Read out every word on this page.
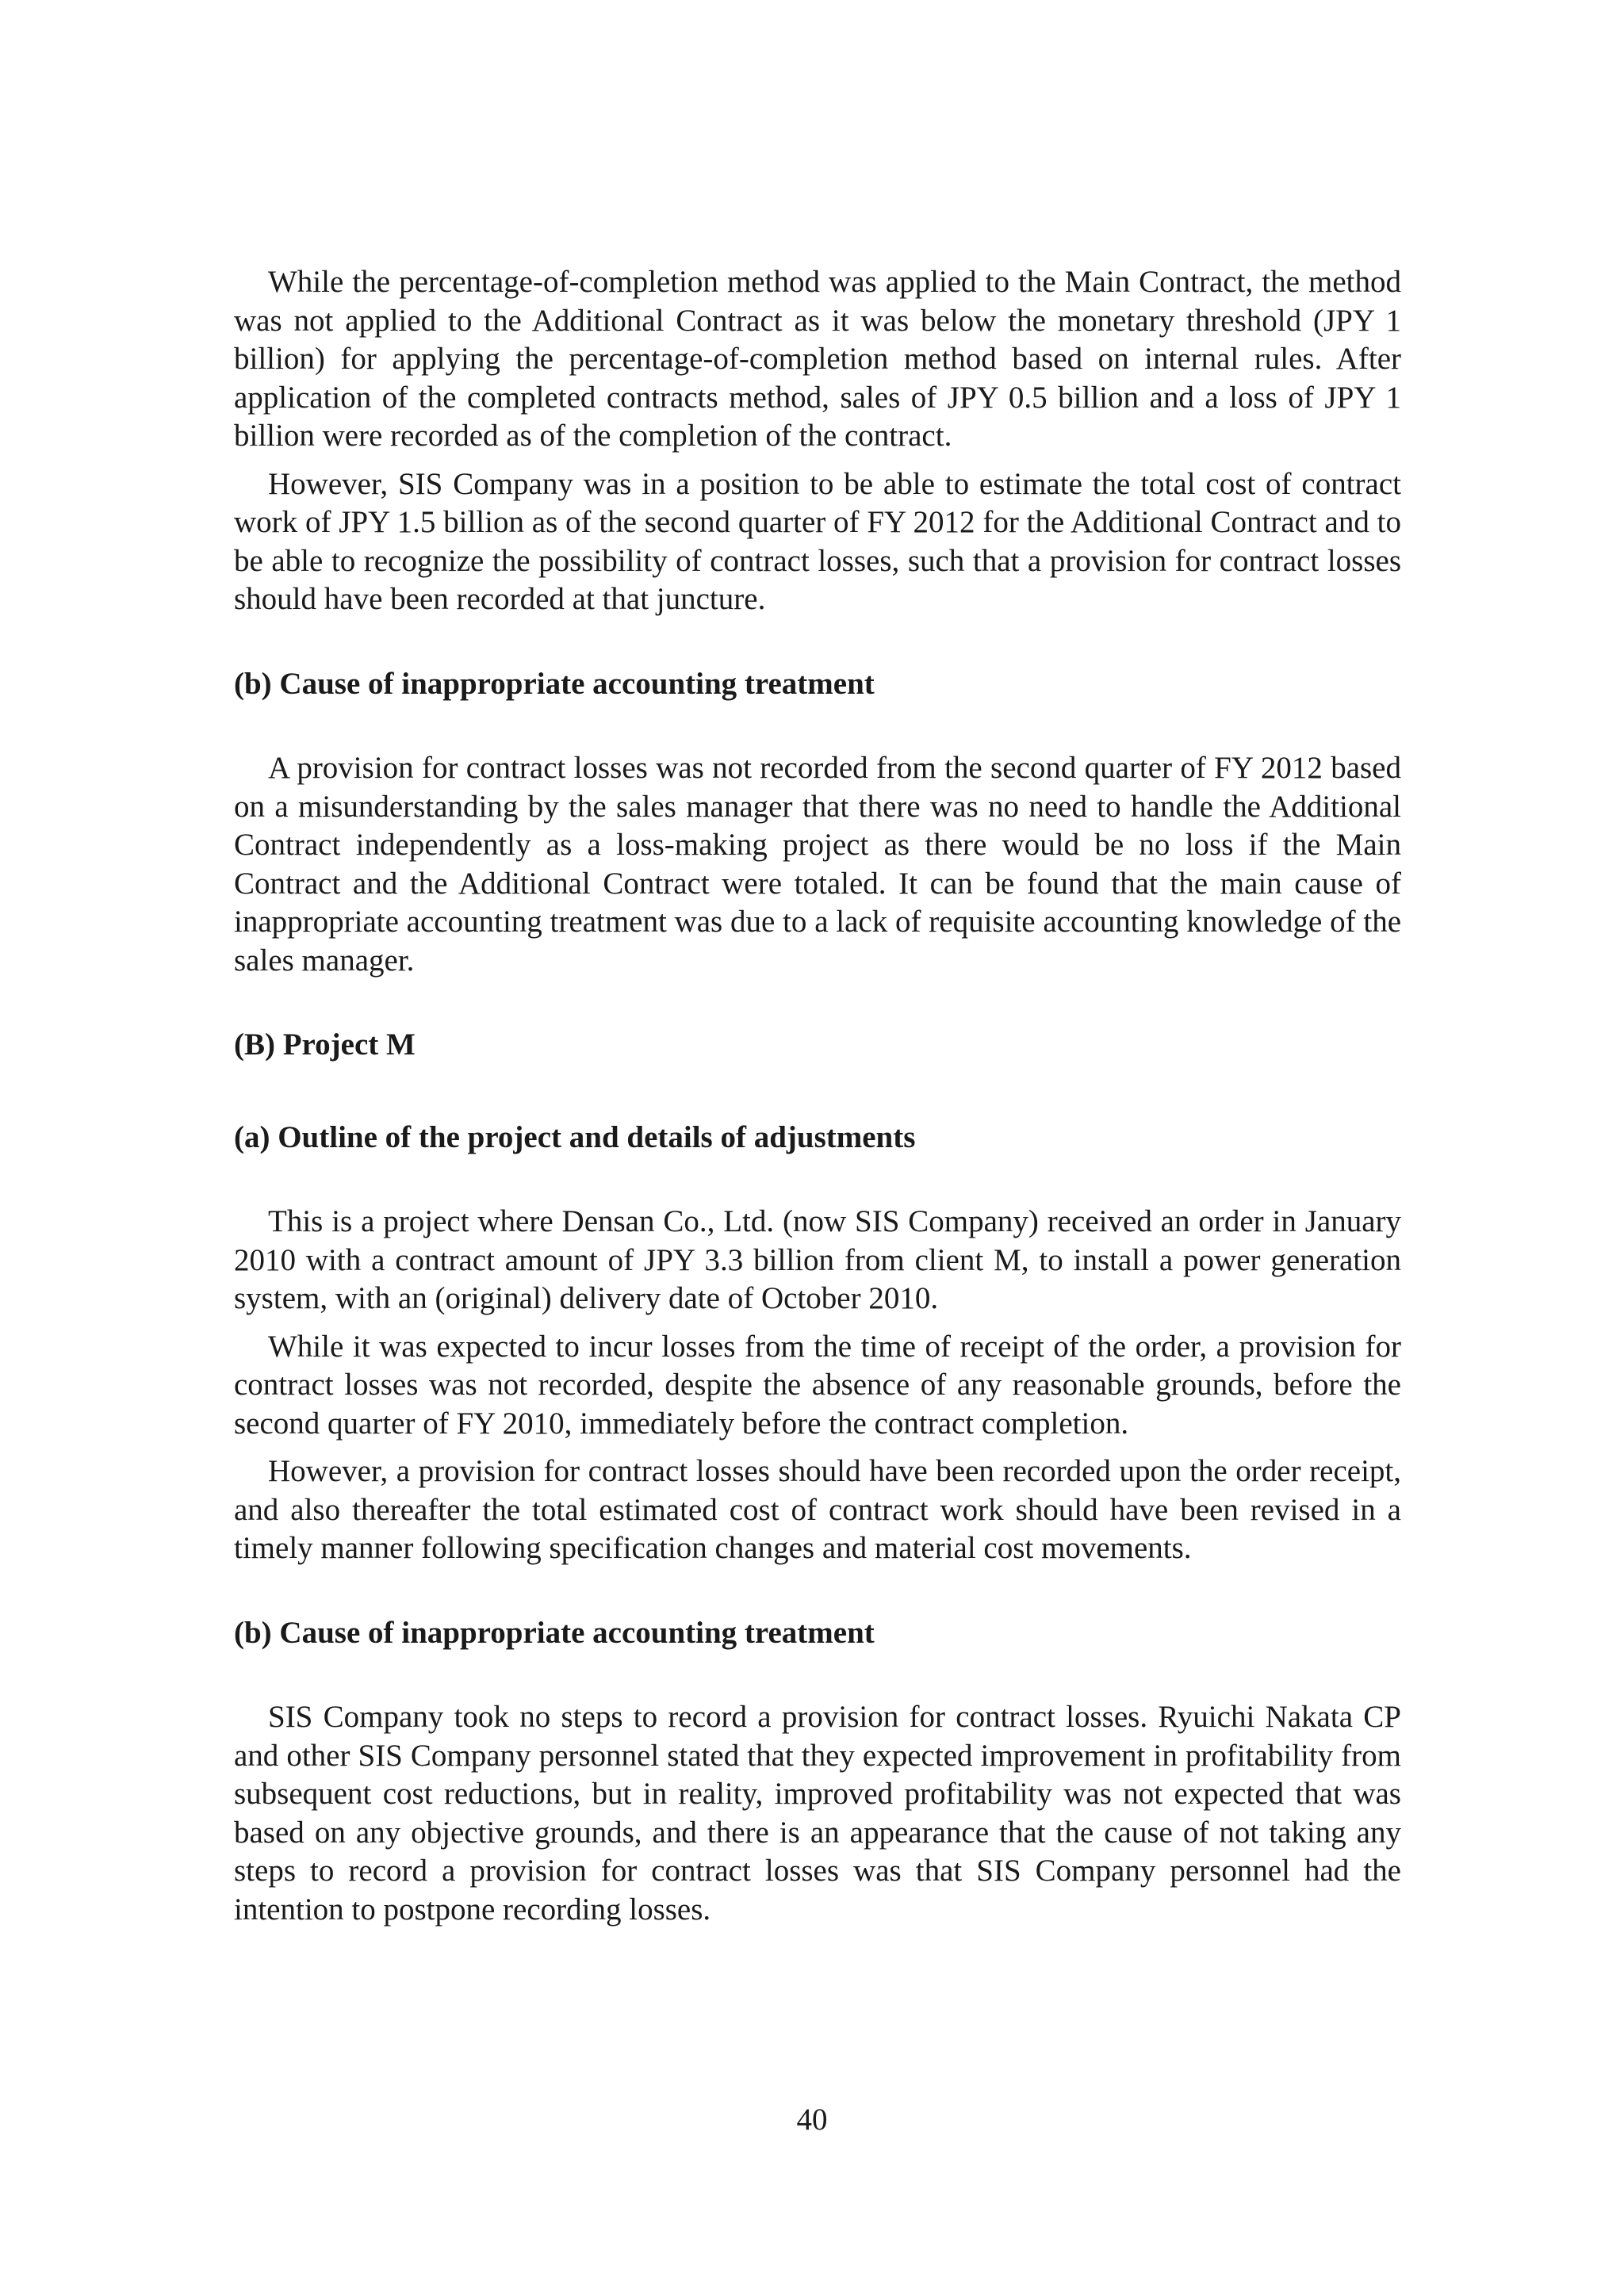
While the percentage-of-completion method was applied to the Main Contract, the method was not applied to the Additional Contract as it was below the monetary threshold (JPY 1 billion) for applying the percentage-of-completion method based on internal rules. After application of the completed contracts method, sales of JPY 0.5 billion and a loss of JPY 1 billion were recorded as of the completion of the contract.

However, SIS Company was in a position to be able to estimate the total cost of contract work of JPY 1.5 billion as of the second quarter of FY 2012 for the Additional Contract and to be able to recognize the possibility of contract losses, such that a provision for contract losses should have been recorded at that juncture.

(b) Cause of inappropriate accounting treatment

A provision for contract losses was not recorded from the second quarter of FY 2012 based on a misunderstanding by the sales manager that there was no need to handle the Additional Contract independently as a loss-making project as there would be no loss if the Main Contract and the Additional Contract were totaled. It can be found that the main cause of inappropriate accounting treatment was due to a lack of requisite accounting knowledge of the sales manager.

(B) Project M
(a) Outline of the project and details of adjustments

This is a project where Densan Co., Ltd. (now SIS Company) received an order in January 2010 with a contract amount of JPY 3.3 billion from client M, to install a power generation system, with an (original) delivery date of October 2010.

While it was expected to incur losses from the time of receipt of the order, a provision for contract losses was not recorded, despite the absence of any reasonable grounds, before the second quarter of FY 2010, immediately before the contract completion.

However, a provision for contract losses should have been recorded upon the order receipt, and also thereafter the total estimated cost of contract work should have been revised in a timely manner following specification changes and material cost movements.

(b) Cause of inappropriate accounting treatment

SIS Company took no steps to record a provision for contract losses. Ryuichi Nakata CP and other SIS Company personnel stated that they expected improvement in profitability from subsequent cost reductions, but in reality, improved profitability was not expected that was based on any objective grounds, and there is an appearance that the cause of not taking any steps to record a provision for contract losses was that SIS Company personnel had the intention to postpone recording losses.

40
